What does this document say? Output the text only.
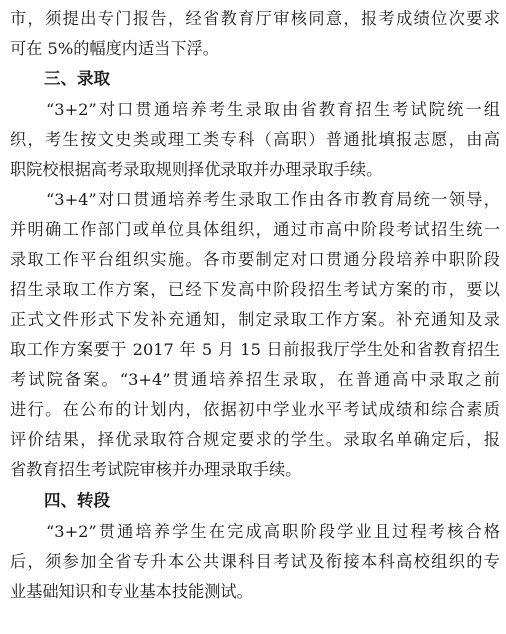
市，须提出专门报告，经省教育厅审核同意，报考成绩位次要求
可在 5%的幅度内适当下浮。
三、录取
“3+2”对口贯通培养考生录取由省教育招生考试院统一组
织，考生按文史类或理工类专科（高职）普通批填报志愿，由高
职院校根据高考录取规则择优录取并办理录取手续。
“3+4”对口贯通培养考生录取工作由各市教育局统一领导，
并明确工作部门或单位具体组织，通过市高中阶段考试招生统一
录取工作平台组织实施。各市要制定对口贯通分段培养中职阶段
招生录取工作方案，已经下发高中阶段招生考试方案的市，要以
正式文件形式下发补充通知，制定录取工作方案。补充通知及录
取工作方案要于 2017 年 5 月 15 日前报我厅学生处和省教育招生
考试院备案。“3+4”贯通培养招生录取，在普通高中录取之前
进行。在公布的计划内，依据初中学业水平考试成绩和综合素质
评价结果，择优录取符合规定要求的学生。录取名单确定后，报
省教育招生考试院审核并办理录取手续。
四、转段
“3+2”贯通培养学生在完成高职阶段学业且过程考核合格
后，须参加全省专升本公共课科目考试及衔接本科高校组织的专
业基础知识和专业基本技能测试。
